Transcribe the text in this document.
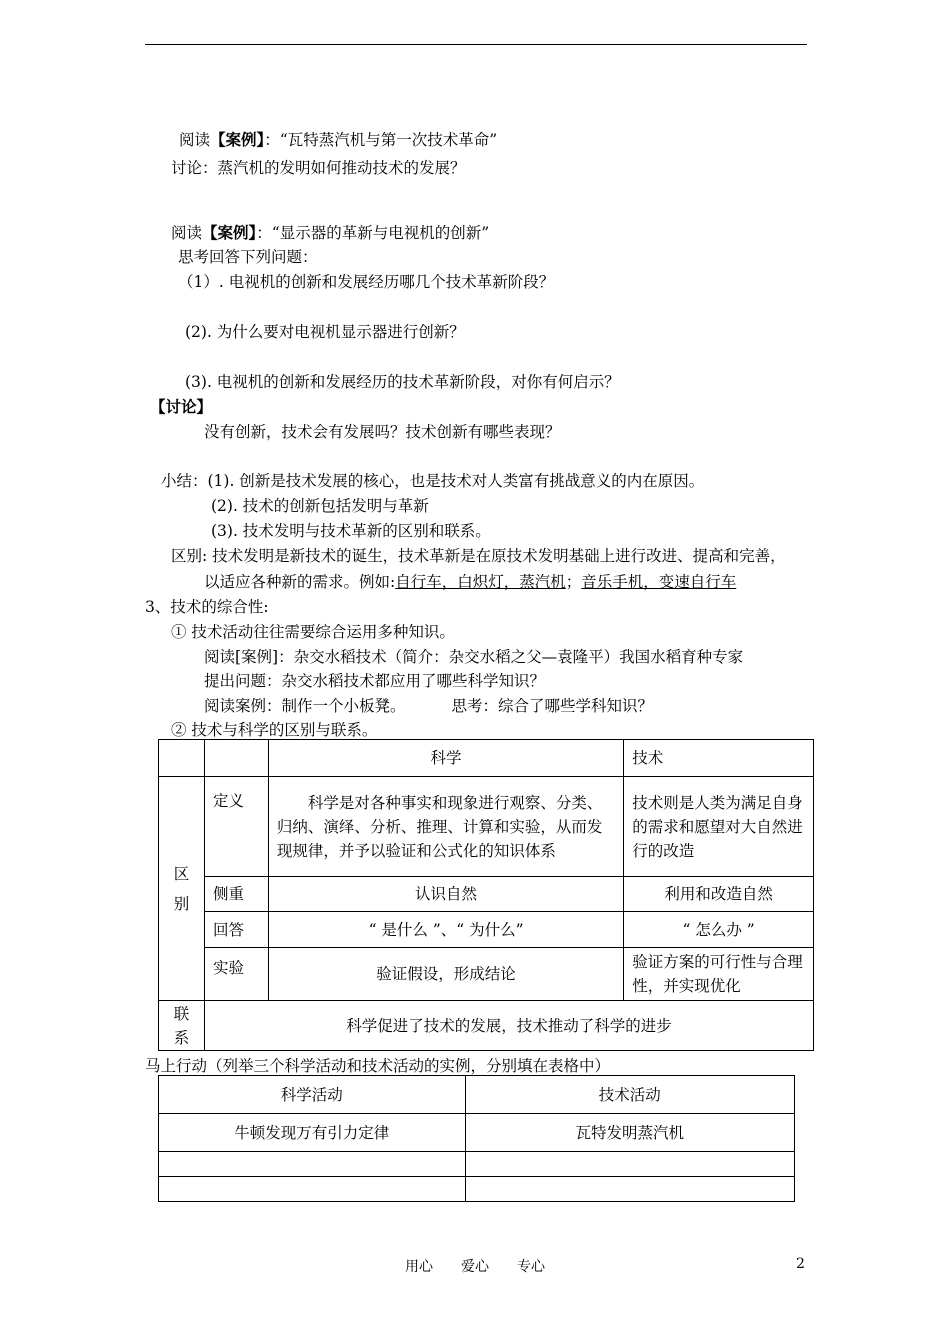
阅读【案例】：“瓦特蒸汽机与第一次技术革命”
讨论：蒸汽机的发明如何推动技术的发展？
阅读【案例】：“显示器的革新与电视机的创新”
思考回答下列问题：
（1）. 电视机的创新和发展经历哪几个技术革新阶段？
(2). 为什么要对电视机显示器进行创新？
(3). 电视机的创新和发展经历的技术革新阶段，对你有何启示？
【讨论】
没有创新，技术会有发展吗？技术创新有哪些表现？
小结：(1). 创新是技术发展的核心，也是技术对人类富有挑战意义的内在原因。
(2). 技术的创新包括发明与革新
(3). 技术发明与技术革新的区别和联系。
区别: 技术发明是新技术的诞生，技术革新是在原技术发明基础上进行改进、提高和完善，
以适应各种新的需求。例如:自行车，白炽灯，蒸汽机；音乐手机，变速自行车
3、技术的综合性:
① 技术活动往往需要综合运用多种知识。
阅读[案例]：杂交水稻技术（简介：杂交水稻之父—袁隆平）我国水稻育种专家
提出问题：杂交水稻技术都应用了哪些科学知识？
阅读案例：制作一个小板凳。	思考：综合了哪些学科知识？
② 技术与科学的区别与联系。
		科学	技术
区
别	定义	科学是对各种事实和现象进行观察、分类、归纳、演绎、分析、推理、计算和实验，从而发现规律，并予以验证和公式化的知识体系	技术则是人类为满足自身的需求和愿望对大自然进行的改造
	侧重	认识自然	利用和改造自然
	回答	“ 是什么 ”、“ 为什么”	“ 怎么办 ”
	实验	验证假设，形成结论	验证方案的可行性与合理性，并实现优化
联
系	科学促进了技术的发展，技术推动了科学的进步		
马上行动（列举三个科学活动和技术活动的实例，分别填在表格中）
科学活动	技术活动
牛顿发现万有引力定律	瓦特发明蒸汽机

用心　　爱心　　专心	2
